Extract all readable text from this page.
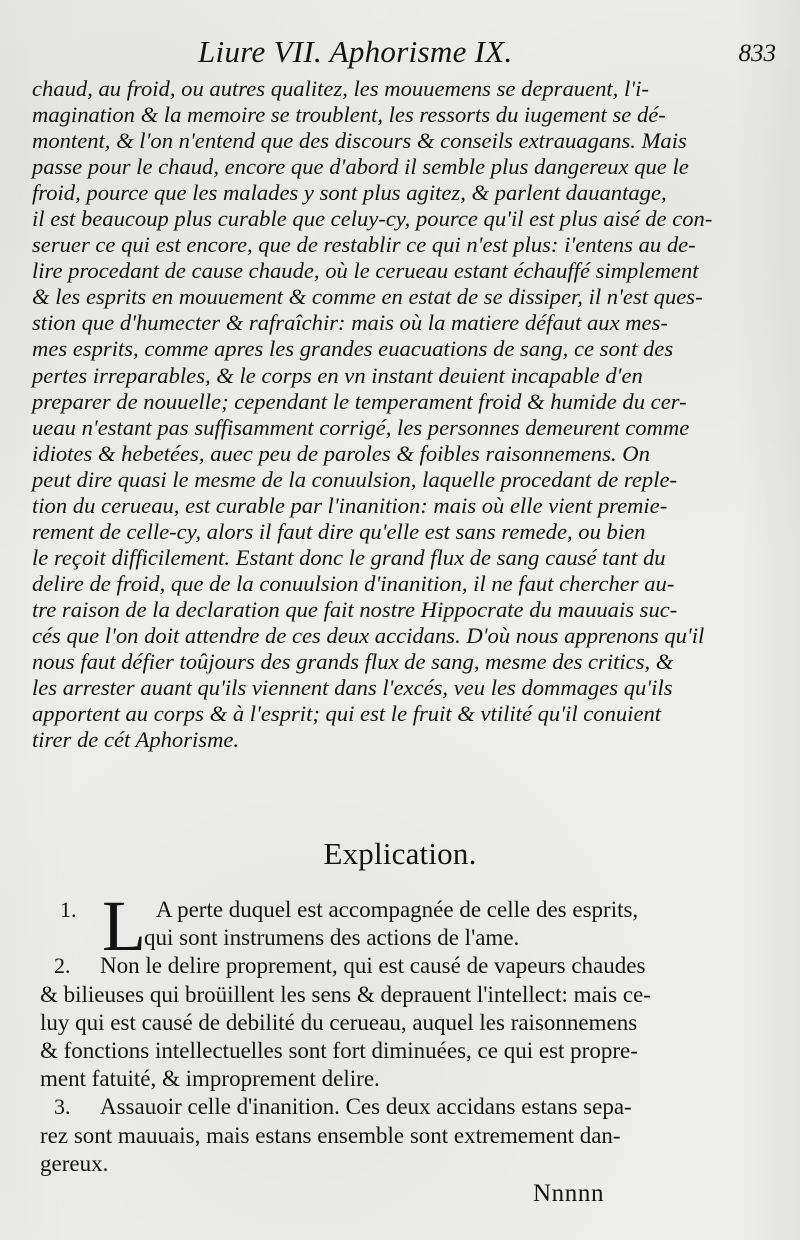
Liure VII. Aphorisme IX.	833
chaud, au froid, ou autres qualitez, les mouuemens se deprauent, l'i-
magination & la memoire se troublent, les ressorts du iugement se dé-
montent, & l'on n'entend que des discours & conseils extrauagans. Mais
passe pour le chaud, encore que d'abord il semble plus dangereux que le
froid, pource que les malades y sont plus agitez, & parlent dauantage,
il est beaucoup plus curable que celuy-cy, pource qu'il est plus aisé de con-
seruer ce qui est encore, que de restablir ce qui n'est plus: i'entens au de-
lire procedant de cause chaude, où le cerueau estant échauffé simplement
& les esprits en mouuement & comme en estat de se dissiper, il n'est ques-
stion que d'humecter & rafraîchir: mais où la matiere défaut aux mes-
mes esprits, comme apres les grandes euacuations de sang, ce sont des
pertes irreparables, & le corps en vn instant deuient incapable d'en
preparer de nouuelle; cependant le temperament froid & humide du cer-
ueau n'estant pas suffisamment corrigé, les personnes demeurent comme
idiotes & hebetées, auec peu de paroles & foibles raisonnemens. On
peut dire quasi le mesme de la conuulsion, laquelle procedant de reple-
tion du cerueau, est curable par l'inanition: mais où elle vient premie-
rement de celle-cy, alors il faut dire qu'elle est sans remede, ou bien
le reçoit difficilement. Estant donc le grand flux de sang causé tant du
delire de froid, que de la conuulsion d'inanition, il ne faut chercher au-
tre raison de la declaration que fait nostre Hippocrate du mauuais suc-
cés que l'on doit attendre de ces deux accidans. D'où nous apprenons qu'il
nous faut défier toûjours des grands flux de sang, mesme des critics, &
les arrester auant qu'ils viennent dans l'excés, veu les dommages qu'ils
apportent au corps & à l'esprit; qui est le fruit & vtilité qu'il conuient
tirer de cét Aphorisme.
Explication.
L
1.	A perte duquel est accompagnée de celle des esprits,
qui sont instrumens des actions de l'ame.
2. Non le delire proprement, qui est causé de vapeurs chaudes
& bilieuses qui broüillent les sens & deprauent l'intellect: mais ce-
luy qui est causé de debilité du cerueau, auquel les raisonnemens
& fonctions intellectuelles sont fort diminuées, ce qui est propre-
ment fatuité, & improprement delire.
3. Assauoir celle d'inanition. Ces deux accidans estans sepa-
rez sont mauuais, mais estans ensemble sont extremement dan-
gereux.
Nnnnn
